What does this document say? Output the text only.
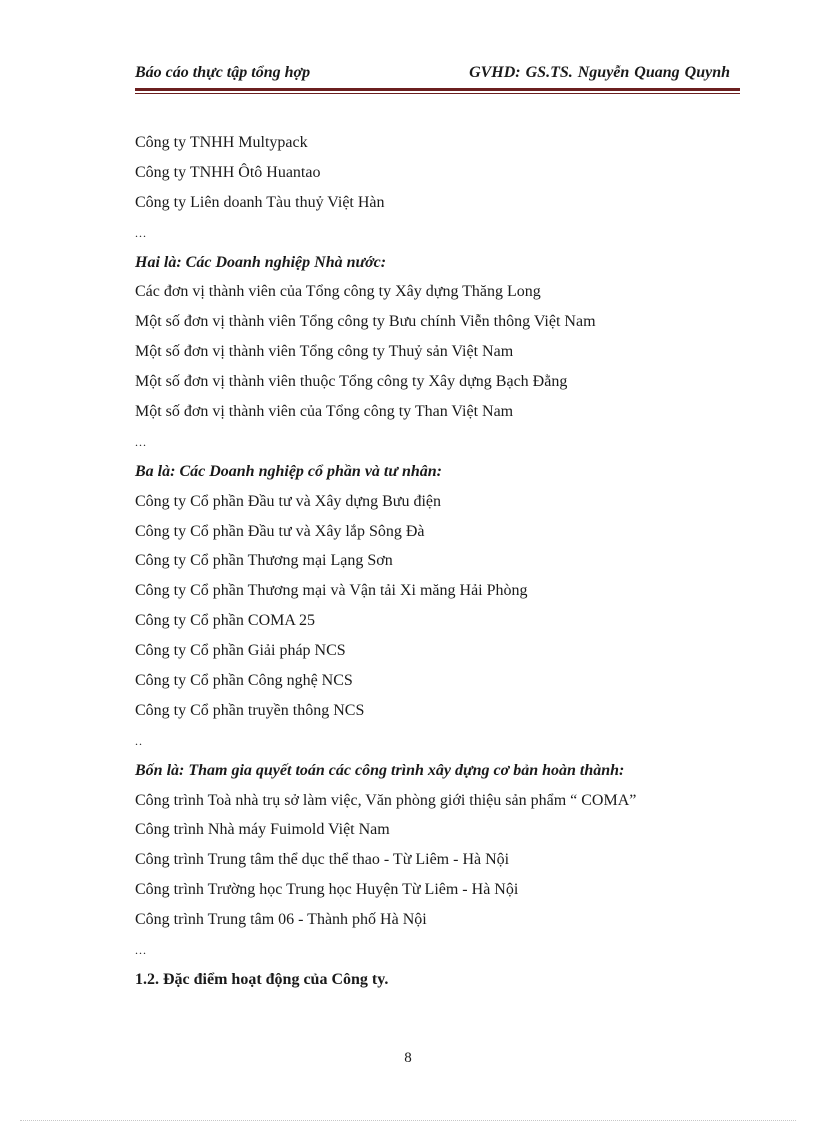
Báo cáo thực tập tổng hợp	GVHD: GS.TS. Nguyễn Quang Quynh
Công ty TNHH Multypack
Công ty TNHH Ôtô Huantao
Công ty Liên doanh Tàu thuỷ Việt Hàn
...
Hai là: Các Doanh nghiệp Nhà nước:
Các đơn vị thành viên của Tổng công ty Xây dựng Thăng Long
Một số đơn vị thành viên Tổng công ty Bưu chính Viễn thông Việt Nam
Một số đơn vị thành viên Tổng công ty Thuỷ sản Việt Nam
Một số đơn vị thành viên thuộc Tổng công ty Xây dựng Bạch Đằng
Một số đơn vị thành viên của Tổng công ty Than Việt Nam
...
Ba là: Các Doanh nghiệp cổ phần và tư nhân:
Công ty Cổ phần Đầu tư và Xây dựng Bưu điện
Công ty Cổ phần Đầu tư và Xây lắp Sông Đà
Công ty Cổ phần Thương mại Lạng Sơn
Công ty Cổ phần Thương mại và Vận tải Xi măng Hải Phòng
Công ty Cổ phần COMA 25
Công ty Cổ phần Giải pháp NCS
Công ty Cổ phần Công nghệ NCS
Công ty Cổ phần truyền thông NCS
..
Bốn là: Tham gia quyết toán các công trình xây dựng cơ bản hoàn thành:
Công trình Toà nhà trụ sở làm việc, Văn phòng giới thiệu sản phẩm “ COMA”
Công trình Nhà máy Fuimold Việt Nam
Công trình Trung tâm thể dục thể thao - Từ Liêm - Hà Nội
Công trình Trường học Trung học Huyện Từ Liêm - Hà Nội
Công trình Trung tâm 06 - Thành phố Hà Nội
...
1.2. Đặc điểm hoạt động của Công ty.
8
